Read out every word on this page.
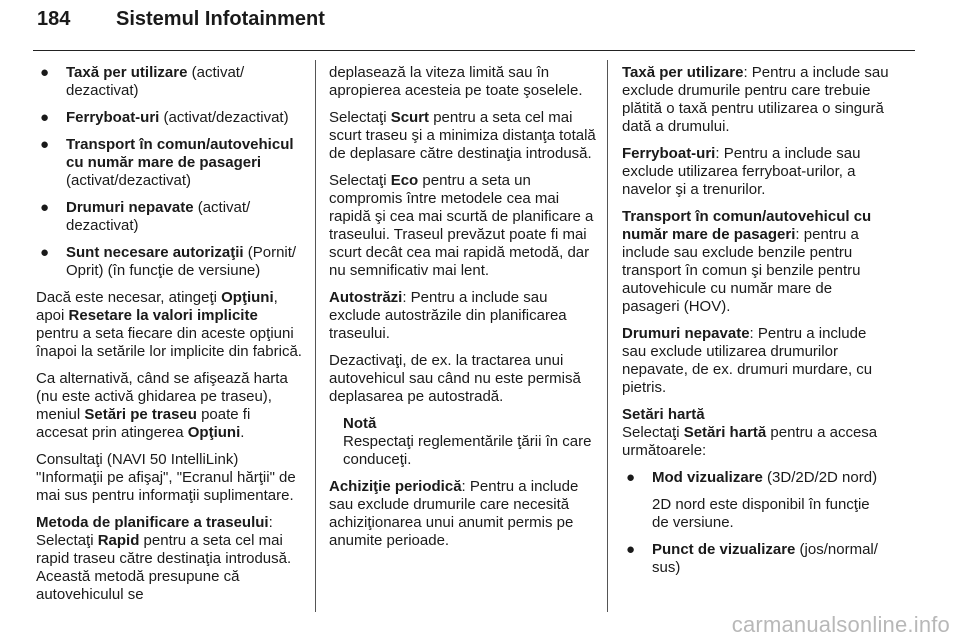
184 Sistemul Infotainment
● Taxă per utilizare (activat/ dezactivat)
● Ferryboat-uri (activat/dezactivat)
● Transport în comun/autovehicul cu număr mare de pasageri (activat/dezactivat)
● Drumuri nepavate (activat/ dezactivat)
● Sunt necesare autorizaţii (Pornit/ Oprit) (în funcţie de versiune)

Dacă este necesar, atingeţi Opţiuni, apoi Resetare la valori implicite pentru a seta fiecare din aceste opţiuni înapoi la setările lor implicite din fabrică.

Ca alternativă, când se afişează harta (nu este activă ghidarea pe traseu), meniul Setări pe traseu poate fi accesat prin atingerea Opţiuni.

Consultaţi (NAVI 50 IntelliLink) "Informaţii pe afişaj", "Ecranul hărţii" de mai sus pentru informaţii suplimentare.

Metoda de planificare a traseului:

Selectaţi Rapid pentru a seta cel mai rapid traseu către destinaţia introdusă. Această metodă presupune că autovehiculul se

deplasează la viteza limită sau în apropierea acesteia pe toate şoselele.

Selectaţi Scurt pentru a seta cel mai scurt traseu şi a minimiza distanţa totală de deplasare către destinaţia introdusă.

Selectaţi Eco pentru a seta un compromis între metodele cea mai rapidă şi cea mai scurtă de planificare a traseului. Traseul prevăzut poate fi mai scurt decât cea mai rapidă metodă, dar nu semnificativ mai lent.

Autostrăzi: Pentru a include sau exclude autostrăzile din planificarea traseului.

Dezactivaţi, de ex. la tractarea unui autovehicul sau când nu este permisă deplasarea pe autostradă.

Notă
Respectaţi reglementările ţării în care conduceţi.

Achiziţie periodică: Pentru a include sau exclude drumurile care necesită achiziţionarea unui anumit permis pe anumite perioade.

Taxă per utilizare: Pentru a include sau exclude drumurile pentru care trebuie plătită o taxă pentru utilizarea o singură dată a drumului.

Ferryboat-uri: Pentru a include sau exclude utilizarea ferryboat-urilor, a navelor şi a trenurilor.

Transport în comun/autovehicul cu număr mare de pasageri: pentru a include sau exclude benzile pentru transport în comun şi benzile pentru autovehicule cu număr mare de pasageri (HOV).

Drumuri nepavate: Pentru a include sau exclude utilizarea drumurilor nepavate, de ex. drumuri murdare, cu pietris.

Setări hartă

Selectaţi Setări hartă pentru a accesa următoarele:

● Mod vizualizare (3D/2D/2D nord)
2D nord este disponibil în funcţie de versiune.
● Punct de vizualizare (jos/normal/ sus)
carmanualsonline.info
